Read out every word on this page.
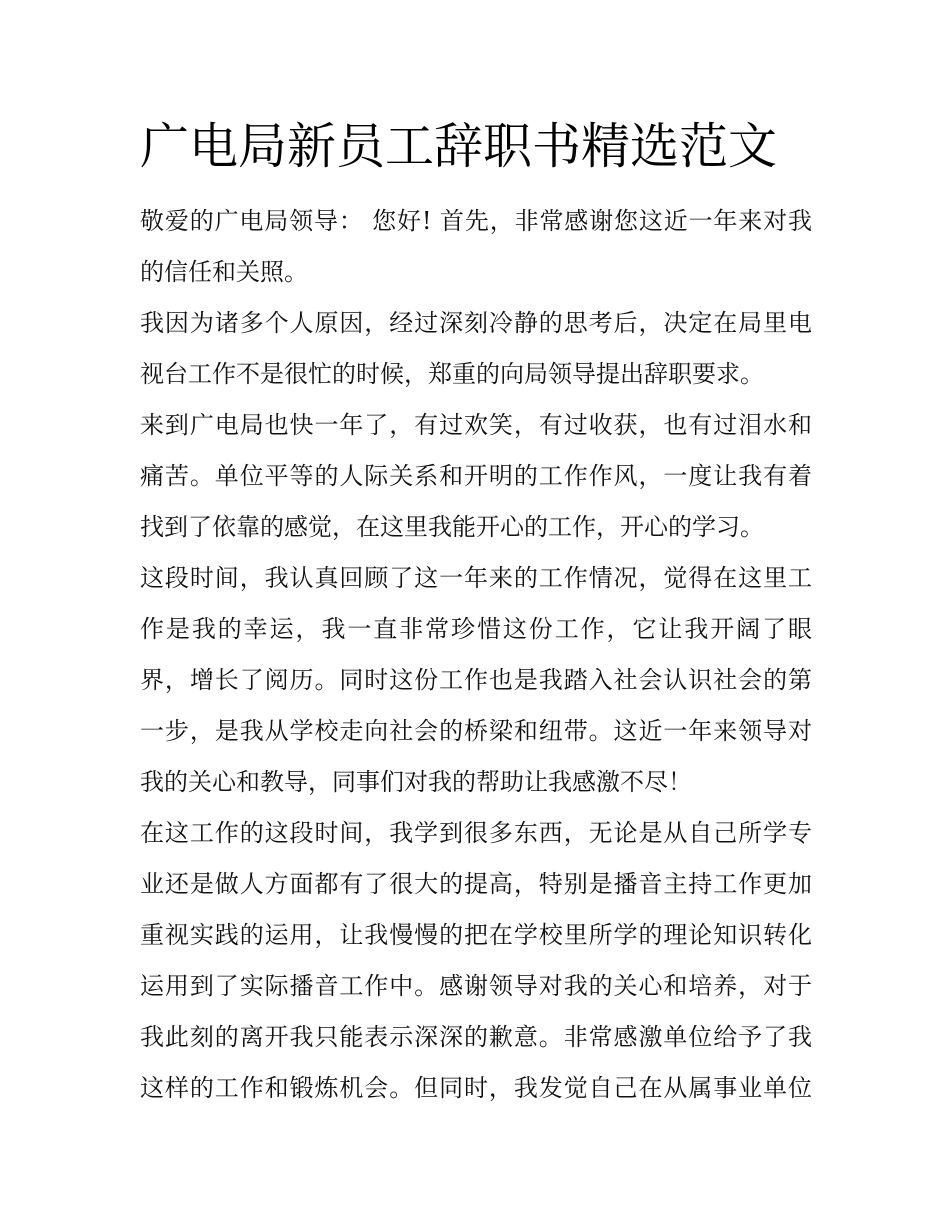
广电局新员工辞职书精选范文

敬爱的广电局领导： 您好! 首先，非常感谢您这近一年来对我
的信任和关照。

我因为诸多个人原因，经过深刻冷静的思考后，决定在局里电
视台工作不是很忙的时候，郑重的向局领导提出辞职要求。

来到广电局也快一年了，有过欢笑，有过收获，也有过泪水和
痛苦。单位平等的人际关系和开明的工作作风，一度让我有着
找到了依靠的感觉，在这里我能开心的工作，开心的学习。

这段时间，我认真回顾了这一年来的工作情况，觉得在这里工
作是我的幸运，我一直非常珍惜这份工作，它让我开阔了眼
界，增长了阅历。同时这份工作也是我踏入社会认识社会的第
一步，是我从学校走向社会的桥梁和纽带。这近一年来领导对
我的关心和教导，同事们对我的帮助让我感激不尽！

在这工作的这段时间，我学到很多东西，无论是从自己所学专
业还是做人方面都有了很大的提高，特别是播音主持工作更加
重视实践的运用，让我慢慢的把在学校里所学的理论知识转化
运用到了实际播音工作中。感谢领导对我的关心和培养，对于
我此刻的离开我只能表示深深的歉意。非常感激单位给予了我
这样的工作和锻炼机会。但同时，我发觉自己在从属事业单位
